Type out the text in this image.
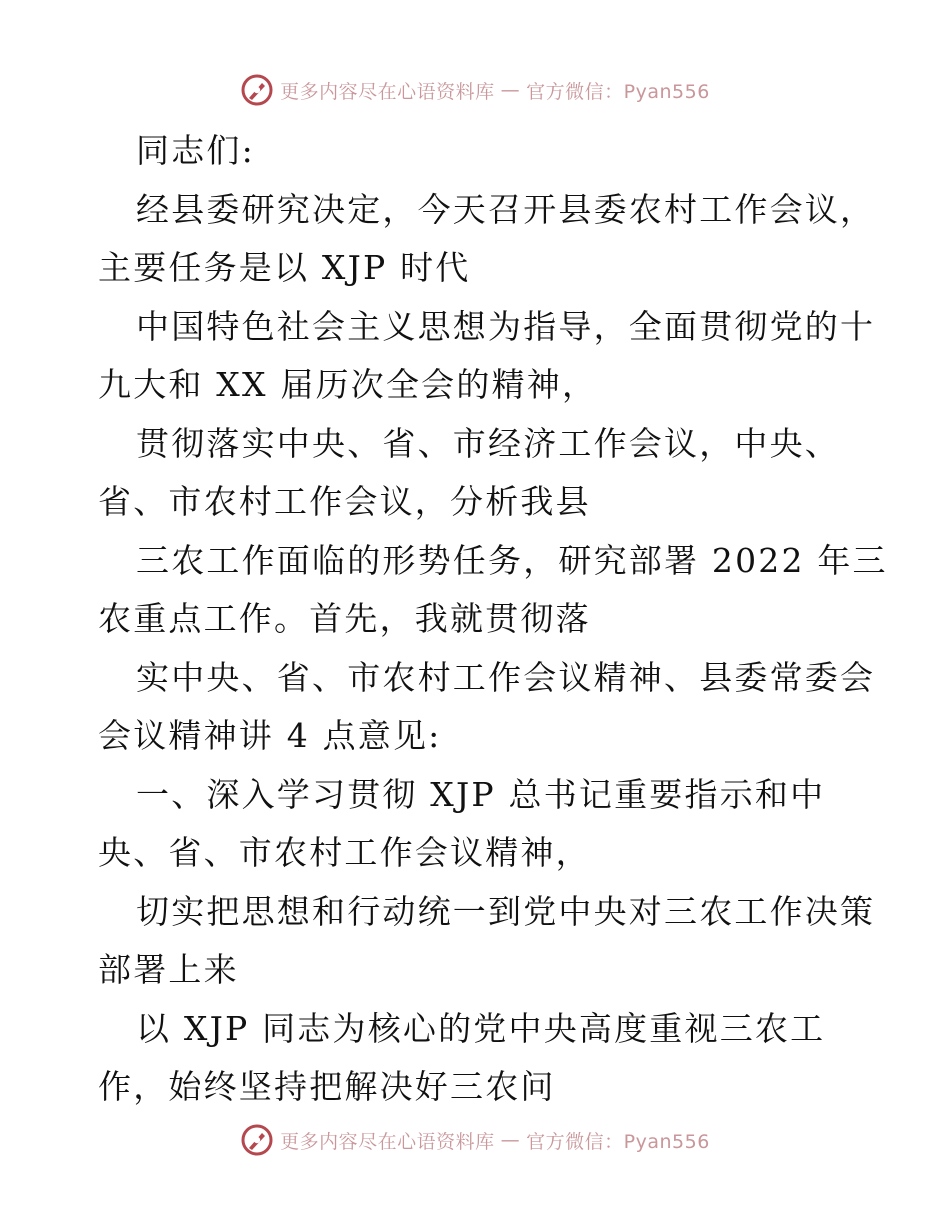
更多内容尽在心语资料库 — 官方微信：Pyan556
同志们:
经县委研究决定，今天召开县委农村工作会议，
主要任务是以 XJP 时代
中国特色社会主义思想为指导，全面贯彻党的十
九大和 XX 届历次全会的精神，
贯彻落实中央、省、市经济工作会议，中央、
省、市农村工作会议，分析我县
三农工作面临的形势任务，研究部署 2022 年三
农重点工作。首先，我就贯彻落
实中央、省、市农村工作会议精神、县委常委会
会议精神讲 4 点意见:
一、深入学习贯彻 XJP 总书记重要指示和中
央、省、市农村工作会议精神，
切实把思想和行动统一到党中央对三农工作决策
部署上来
以 XJP 同志为核心的党中央高度重视三农工
作，始终坚持把解决好三农问
更多内容尽在心语资料库 — 官方微信：Pyan556
